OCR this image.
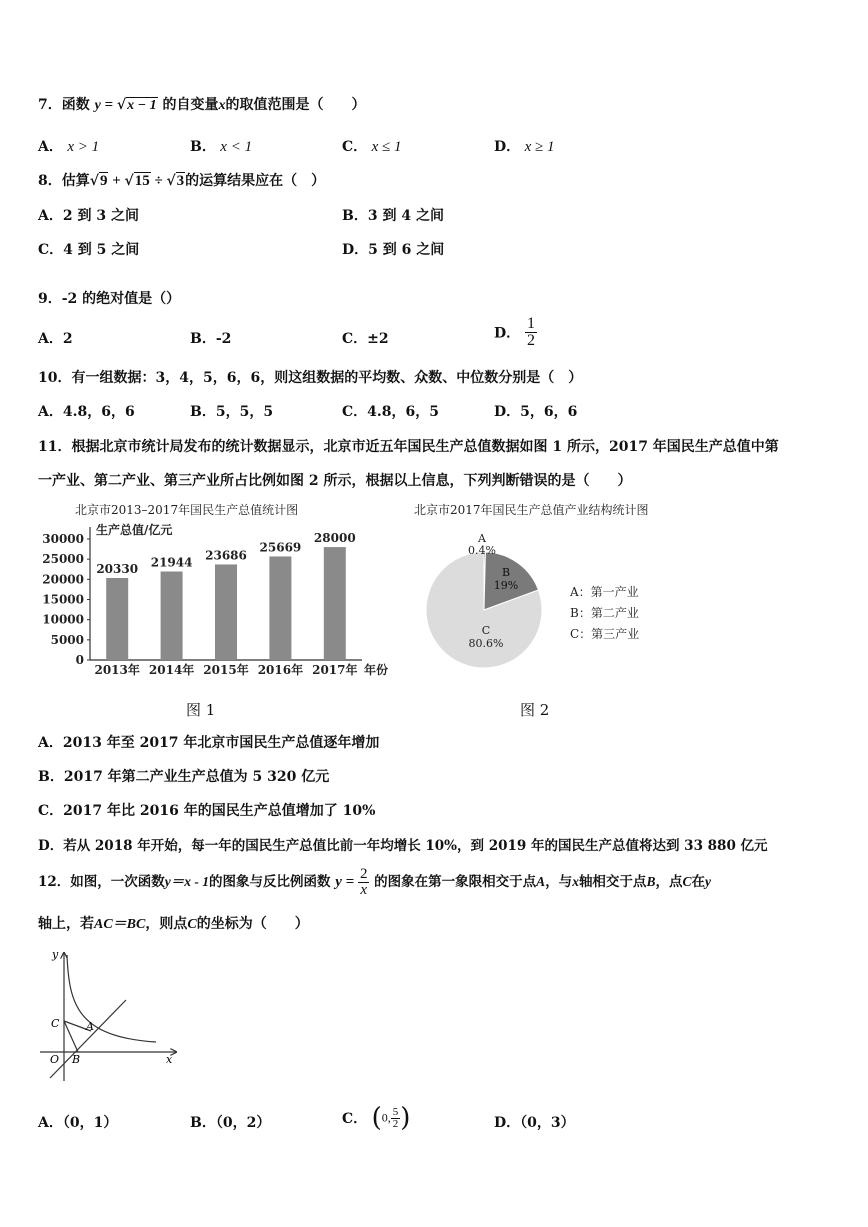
7．函数 y = √x − 1 的自变量x的取值范围是（　　）
A． x > 1	B． x < 1	C． x ≤ 1	D． x ≥ 1
8．估算√9 + √15 ÷ √3的运算结果应在（　）
A．2 到 3 之间	B．3 到 4 之间
C．4 到 5 之间	D．5 到 6 之间
9．-2 的绝对值是（）
A．2	B．-2	C．±2	D． $\frac{1}{2}$
10．有一组数据：3，4，5，6，6，则这组数据的平均数、众数、中位数分别是（　）
A．4.8，6，6	B．5，5，5	C．4.8，6，5	D．5，6，6
11．根据北京市统计局发布的统计数据显示，北京市近五年国民生产总值数据如图 1 所示，2017 年国民生产总值中第
一产业、第二产业、第三产业所占比例如图 2 所示，根据以上信息，下列判断错误的是（　　）
北京市2013–2017年国民生产总值统计图
生产总值/亿元
年份
0
5000
10000
15000
20000
25000
30000
20330
2013年
21944
2014年
23686
2015年
25669
2016年
28000
2017年
北京市2017年国民生产总值产业结构统计图
A
0.4%
B
19%
C
80.6%
A：第一产业
B：第二产业
C：第三产业
图 1	图 2
A．2013 年至 2017 年北京市国民生产总值逐年增加
B．2017 年第二产业生产总值为 5 320 亿元
C．2017 年比 2016 年的国民生产总值增加了 10%
D．若从 2018 年开始，每一年的国民生产总值比前一年均增长 10%，到 2019 年的国民生产总值将达到 33 880 亿元
12．如图，一次函数y＝x - 1的图象与反比例函数 $y = \frac{2}{x}$ 的图象在第一象限相交于点A，与x轴相交于点B，点C在y
轴上，若AC＝BC，则点C的坐标为（　　）
y
x
O
A
B
C
A．（0，1）	B．（0，2）	C． (0, $\frac{5}{2}$ )	D．（0，3）
